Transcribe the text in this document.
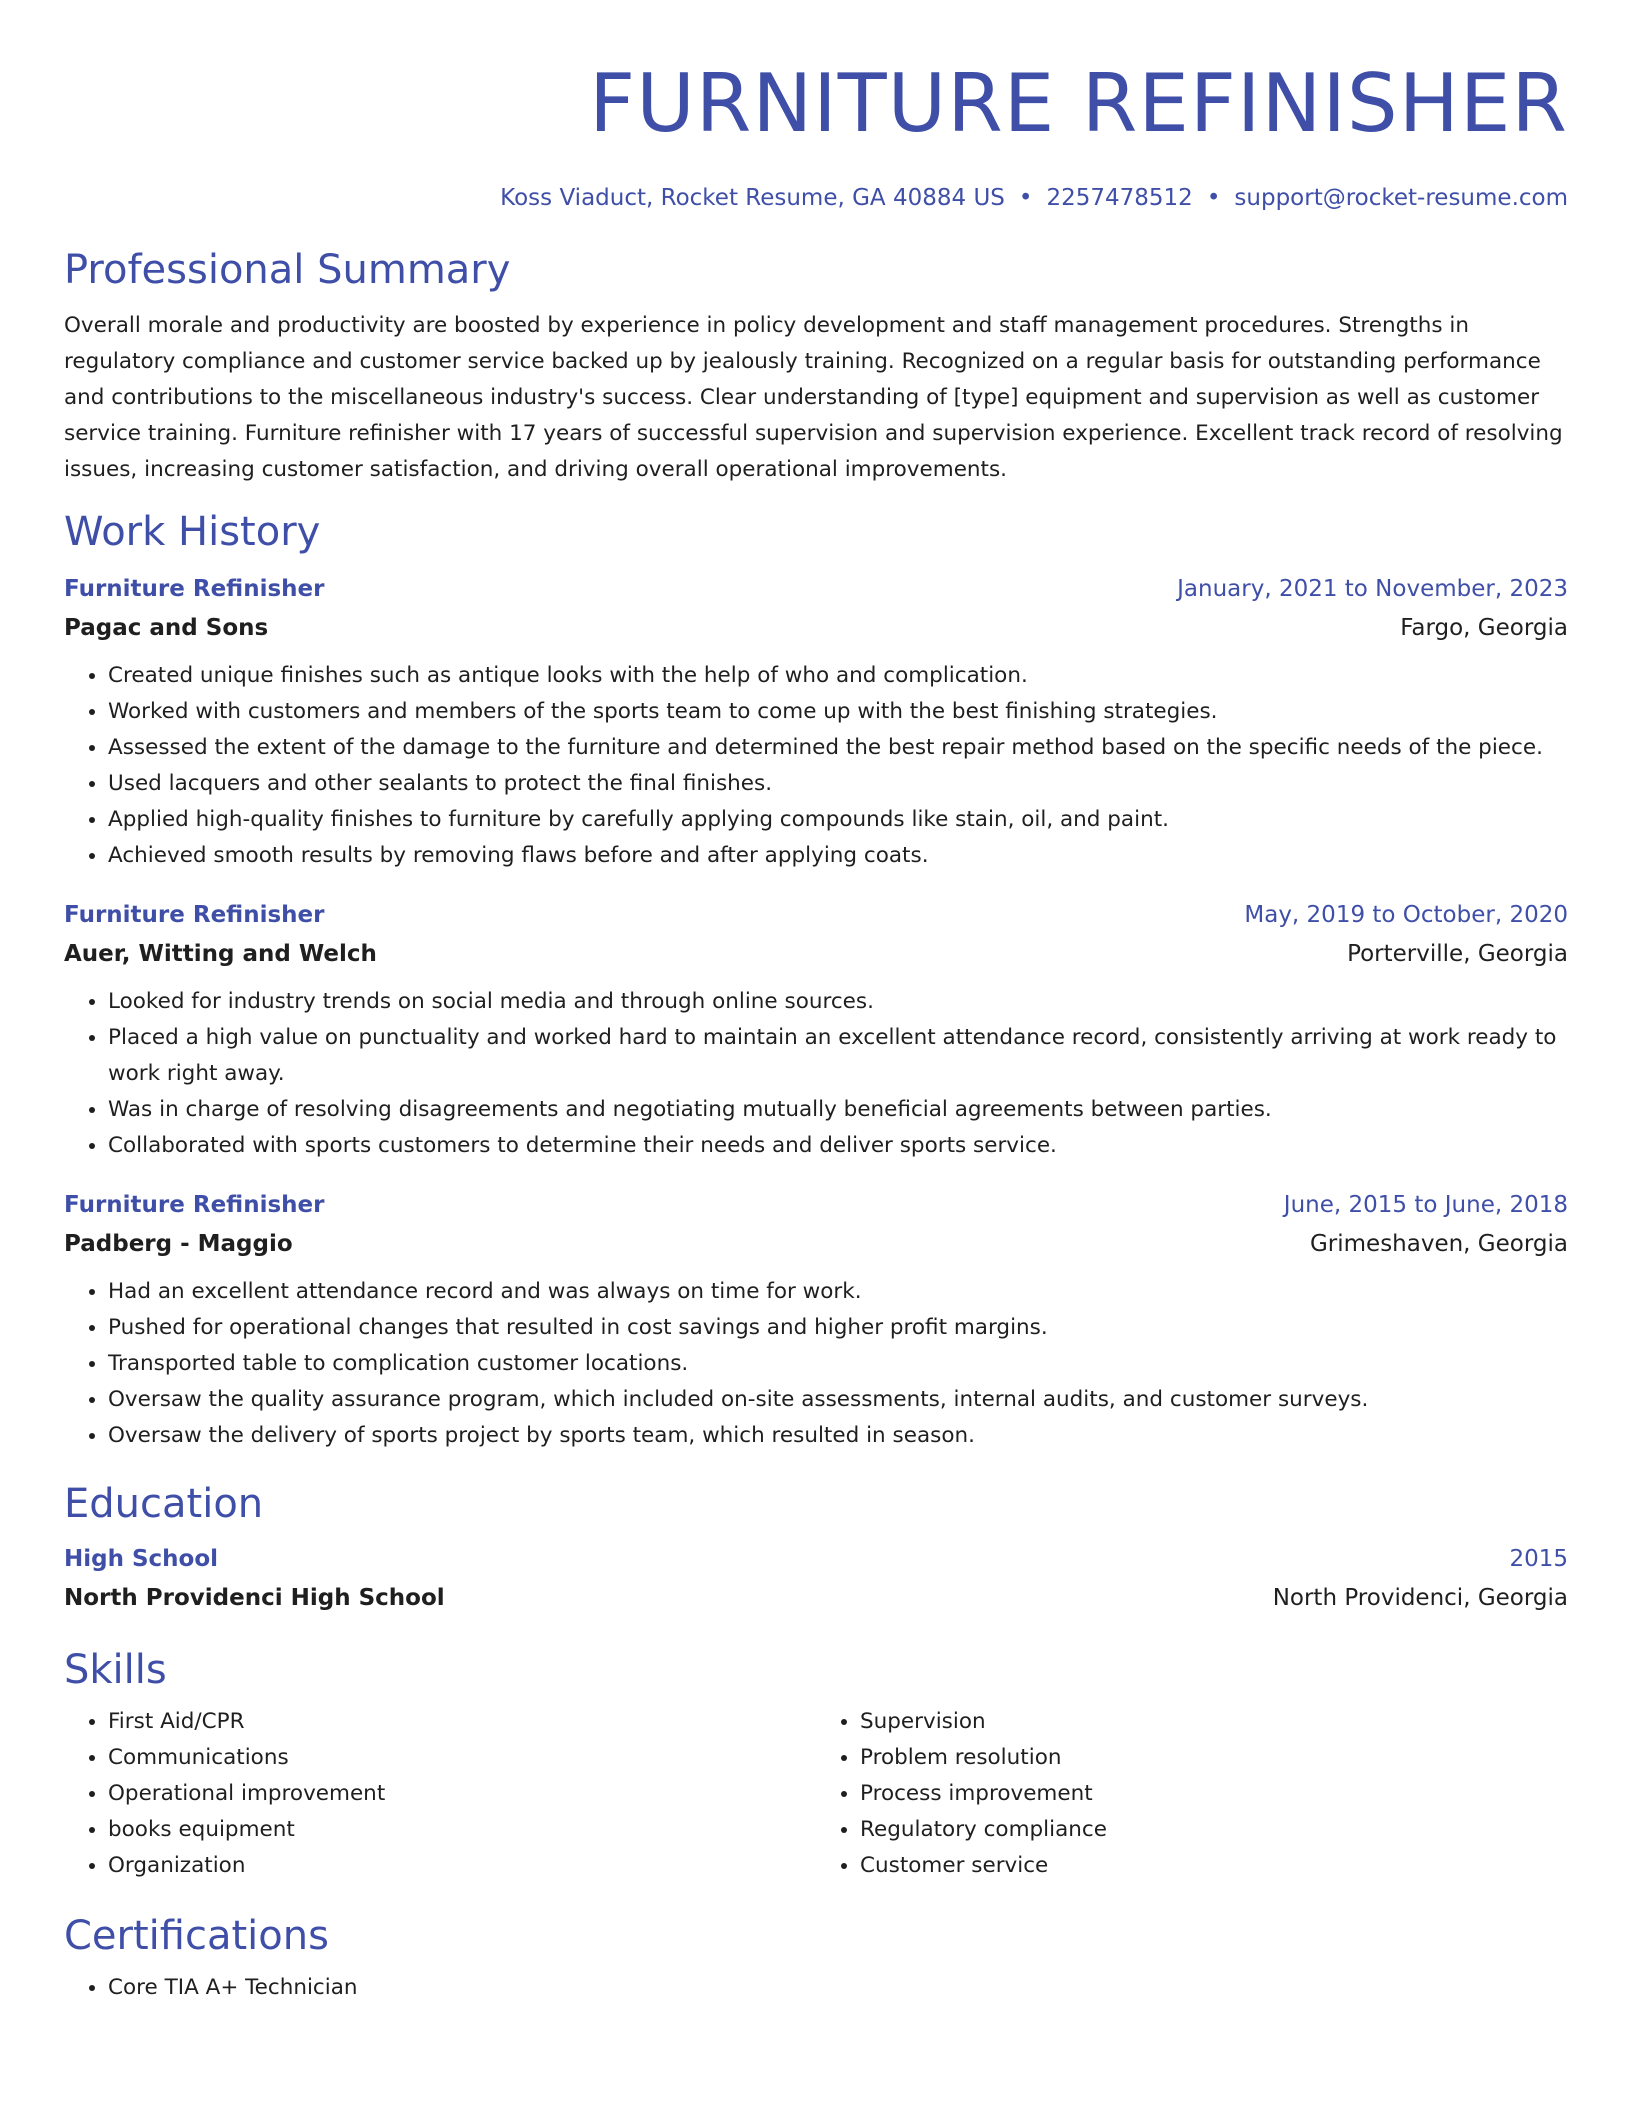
FURNITURE REFINISHER
Koss Viaduct, Rocket Resume, GA 40884 US • 2257478512 • support@rocket-resume.com
Professional Summary

Overall morale and productivity are boosted by experience in policy development and staff management procedures. Strengths in regulatory compliance and customer service backed up by jealously training. Recognized on a regular basis for outstanding performance and contributions to the miscellaneous industry's success. Clear understanding of [type] equipment and supervision as well as customer service training. Furniture refinisher with 17 years of successful supervision and supervision experience. Excellent track record of resolving issues, increasing customer satisfaction, and driving overall operational improvements.

Work History
Furniture Refinisher	January, 2021 to November, 2023
Pagac and Sons	Fargo, Georgia
• Created unique finishes such as antique looks with the help of who and complication.
• Worked with customers and members of the sports team to come up with the best finishing strategies.
• Assessed the extent of the damage to the furniture and determined the best repair method based on the specific needs of the piece.
• Used lacquers and other sealants to protect the final finishes.
• Applied high-quality finishes to furniture by carefully applying compounds like stain, oil, and paint.
• Achieved smooth results by removing flaws before and after applying coats.
Furniture Refinisher	May, 2019 to October, 2020
Auer, Witting and Welch	Porterville, Georgia
• Looked for industry trends on social media and through online sources.
• Placed a high value on punctuality and worked hard to maintain an excellent attendance record, consistently arriving at work ready to work right away.
• Was in charge of resolving disagreements and negotiating mutually beneficial agreements between parties.
• Collaborated with sports customers to determine their needs and deliver sports service.
Furniture Refinisher	June, 2015 to June, 2018
Padberg - Maggio	Grimeshaven, Georgia
• Had an excellent attendance record and was always on time for work.
• Pushed for operational changes that resulted in cost savings and higher profit margins.
• Transported table to complication customer locations.
• Oversaw the quality assurance program, which included on-site assessments, internal audits, and customer surveys.
• Oversaw the delivery of sports project by sports team, which resulted in season.
Education
High School	2015
North Providenci High School	North Providenci, Georgia
Skills
• First Aid/CPR
• Communications
• Operational improvement
• books equipment
• Organization
• Supervision
• Problem resolution
• Process improvement
• Regulatory compliance
• Customer service
Certifications
• Core TIA A+ Technician
